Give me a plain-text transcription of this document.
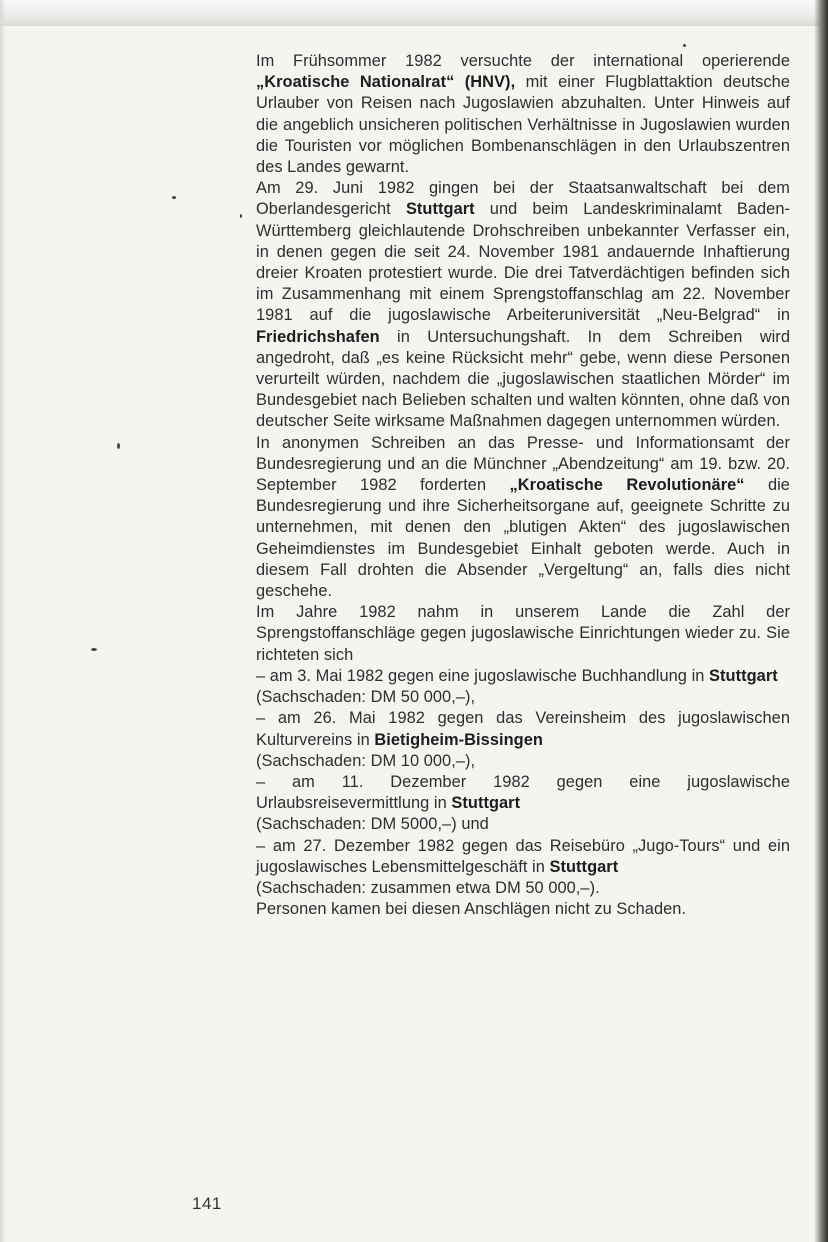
Im Frühsommer 1982 versuchte der international operierende „Kroatische Nationalrat“ (HNV), mit einer Flugblattaktion deutsche Urlauber von Reisen nach Jugoslawien abzuhalten. Unter Hinweis auf die angeblich unsicheren politischen Verhältnisse in Jugoslawien wurden die Touristen vor möglichen Bombenanschlägen in den Urlaubszentren des Landes gewarnt.

Am 29. Juni 1982 gingen bei der Staatsanwaltschaft bei dem Oberlandesgericht Stuttgart und beim Landeskriminalamt Baden-Württemberg gleichlautende Drohschreiben unbekannter Verfasser ein, in denen gegen die seit 24. November 1981 andauernde Inhaftierung dreier Kroaten protestiert wurde. Die drei Tatverdächtigen befinden sich im Zusammenhang mit einem Sprengstoffanschlag am 22. November 1981 auf die jugoslawische Arbeiteruniversität „Neu-Belgrad“ in Friedrichshafen in Untersuchungshaft. In dem Schreiben wird angedroht, daß „es keine Rücksicht mehr“ gebe, wenn diese Personen verurteilt würden, nachdem die „jugoslawischen staatlichen Mörder“ im Bundesgebiet nach Belieben schalten und walten könnten, ohne daß von deutscher Seite wirksame Maßnahmen dagegen unternommen würden.

In anonymen Schreiben an das Presse- und Informationsamt der Bundesregierung und an die Münchner „Abendzeitung“ am 19. bzw. 20. September 1982 forderten „Kroatische Revolutionäre“ die Bundesregierung und ihre Sicherheitsorgane auf, geeignete Schritte zu unternehmen, mit denen den „blutigen Akten“ des jugoslawischen Geheimdienstes im Bundesgebiet Einhalt geboten werde. Auch in diesem Fall drohten die Absender „Vergeltung“ an, falls dies nicht geschehe.

Im Jahre 1982 nahm in unserem Lande die Zahl der Sprengstoffanschläge gegen jugoslawische Einrichtungen wieder zu. Sie richteten sich

– am 3. Mai 1982 gegen eine jugoslawische Buchhandlung in Stuttgart

(Sachschaden: DM 50 000,–),

– am 26. Mai 1982 gegen das Vereinsheim des jugoslawischen Kulturvereins in Bietigheim-Bissingen

(Sachschaden: DM 10 000,–),

– am 11. Dezember 1982 gegen eine jugoslawische Urlaubsreisevermittlung in Stuttgart

(Sachschaden: DM 5000,–) und

– am 27. Dezember 1982 gegen das Reisebüro „Jugo-Tours“ und ein jugoslawisches Lebensmittelgeschäft in Stuttgart

(Sachschaden: zusammen etwa DM 50 000,–).

Personen kamen bei diesen Anschlägen nicht zu Schaden.

141
